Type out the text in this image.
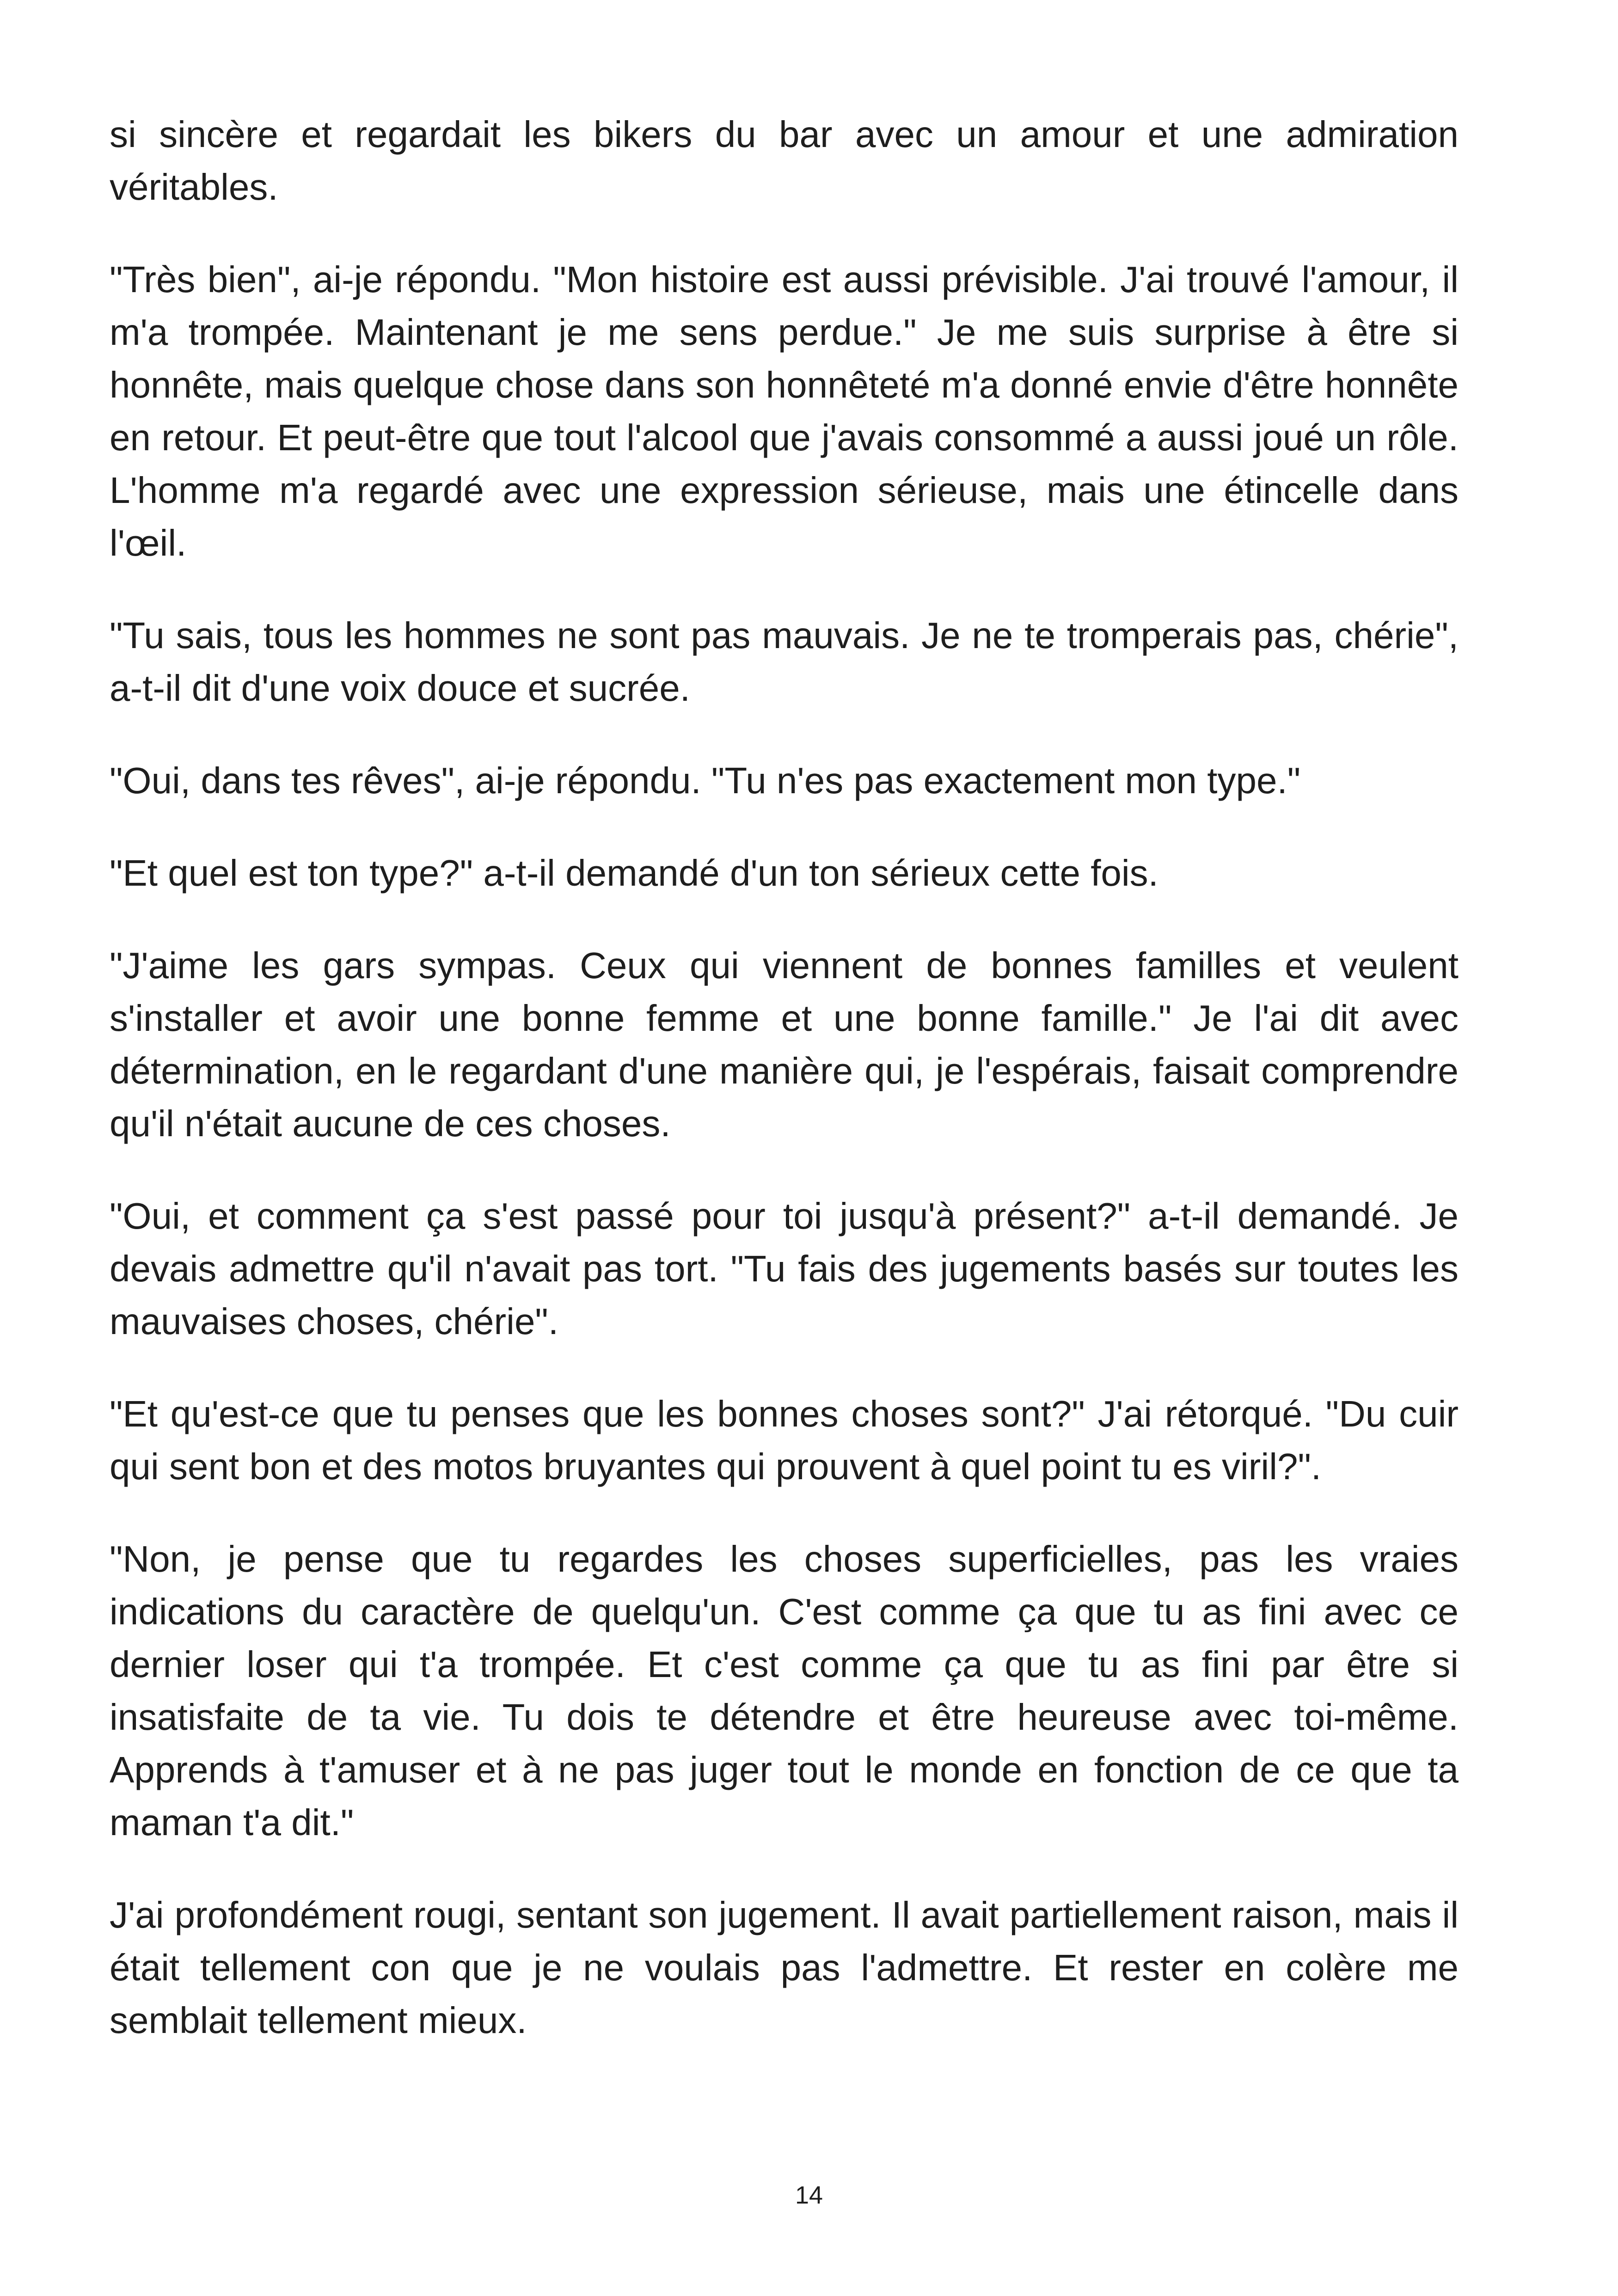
si sincère et regardait les bikers du bar avec un amour et une admiration véritables.

"Très bien", ai-je répondu. "Mon histoire est aussi prévisible. J'ai trouvé l'amour, il m'a trompée. Maintenant je me sens perdue." Je me suis surprise à être si honnête, mais quelque chose dans son honnêteté m'a donné envie d'être honnête en retour. Et peut-être que tout l'alcool que j'avais consommé a aussi joué un rôle. L'homme m'a regardé avec une expression sérieuse, mais une étincelle dans l'œil.

"Tu sais, tous les hommes ne sont pas mauvais. Je ne te tromperais pas, chérie", a-t-il dit d'une voix douce et sucrée.

"Oui, dans tes rêves", ai-je répondu. "Tu n'es pas exactement mon type."

"Et quel est ton type?" a-t-il demandé d'un ton sérieux cette fois.

"J'aime les gars sympas. Ceux qui viennent de bonnes familles et veulent s'installer et avoir une bonne femme et une bonne famille." Je l'ai dit avec détermination, en le regardant d'une manière qui, je l'espérais, faisait comprendre qu'il n'était aucune de ces choses.

"Oui, et comment ça s'est passé pour toi jusqu'à présent?" a-t-il demandé. Je devais admettre qu'il n'avait pas tort. "Tu fais des jugements basés sur toutes les mauvaises choses, chérie".

"Et qu'est-ce que tu penses que les bonnes choses sont?" J'ai rétorqué. "Du cuir qui sent bon et des motos bruyantes qui prouvent à quel point tu es viril?".

"Non, je pense que tu regardes les choses superficielles, pas les vraies indications du caractère de quelqu'un. C'est comme ça que tu as fini avec ce dernier loser qui t'a trompée. Et c'est comme ça que tu as fini par être si insatisfaite de ta vie. Tu dois te détendre et être heureuse avec toi-même. Apprends à t'amuser et à ne pas juger tout le monde en fonction de ce que ta maman t'a dit."

J'ai profondément rougi, sentant son jugement. Il avait partiellement raison, mais il était tellement con que je ne voulais pas l'admettre. Et rester en colère me semblait tellement mieux.

14
